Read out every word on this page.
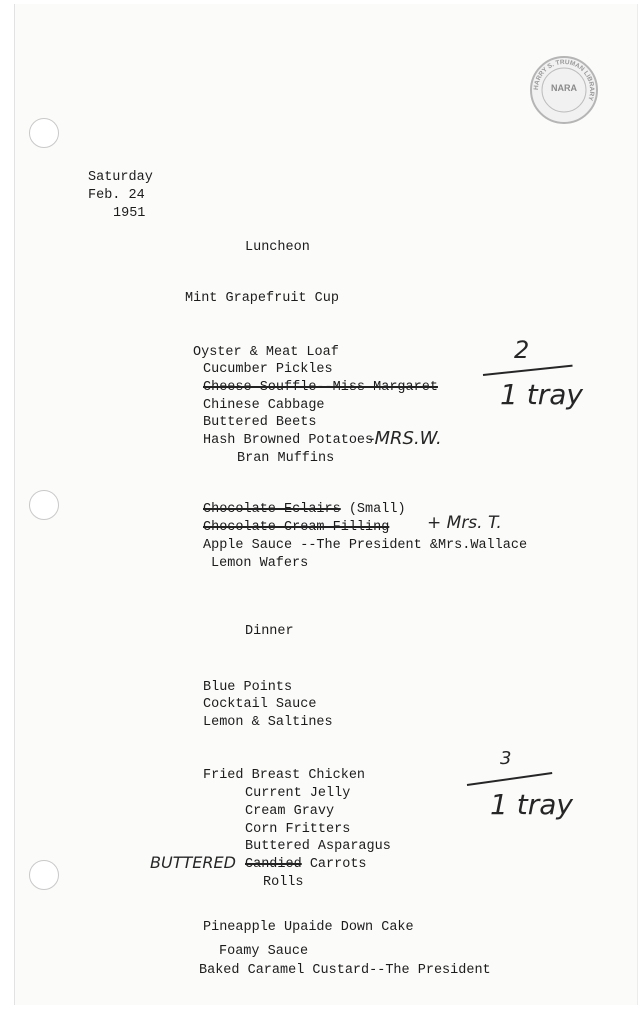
HARRY S. TRUMAN LIBRARY
NARA
Saturday
Feb. 24
1951
Luncheon
Mint Grapefruit Cup
Oyster & Meat Loaf
Cucumber Pickles
Cheese Souffle--Miss Margaret
Chinese Cabbage
Buttered Beets
Hash Browned Potatoes
Bran Muffins
Chocolate Eclairs (Small)
Chocolate Cream Filling
Apple Sauce --The President &Mrs.Wallace
Lemon Wafers
2
1 tray
-MRS.W.
+ Mrs. T.
Dinner
Blue Points
Cocktail Sauce
Lemon & Saltines
Fried Breast Chicken
Current Jelly
Cream Gravy
Corn Fritters
Buttered Asparagus
Candied Carrots
Rolls
Pineapple Upaide Down Cake
Foamy Sauce
Baked Caramel Custard--The President
3
1 tray
BUTTERED
